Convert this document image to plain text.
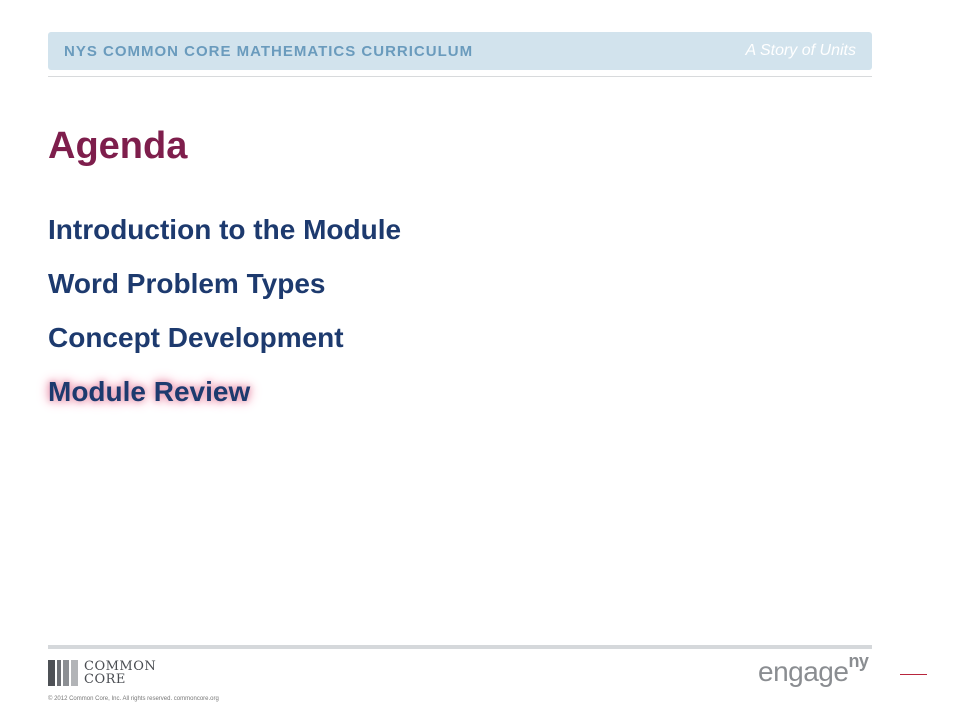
NYS COMMON CORE MATHEMATICS CURRICULUM	A Story of Units
Agenda
Introduction to the Module
Word Problem Types
Concept Development
Module Review
COMMON
CORE
© 2012 Common Core, Inc. All rights reserved. commoncore.org
engage$^{ny}$
